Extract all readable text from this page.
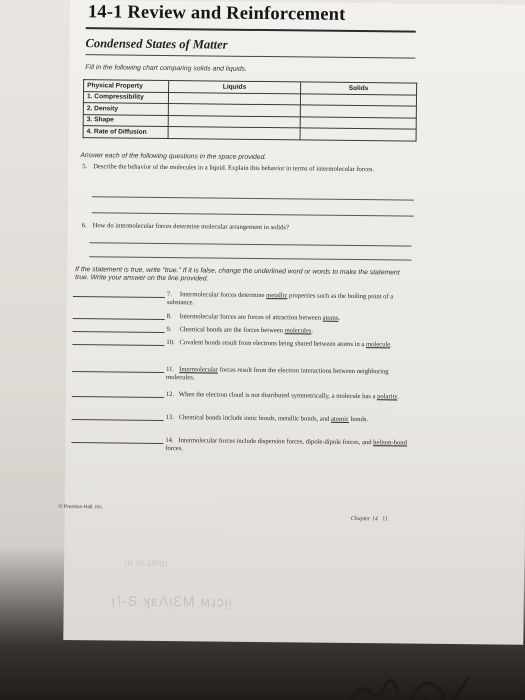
14-1 Review and Reinforcement
Condensed States of Matter
Fill in the following chart comparing solids and liquids.
Physical Property	Liquids	Solids
1. Compressibility		
2. Density		
3. Shape		
4. Rate of Diffusion		
Answer each of the following questions in the space provided.
5. Describe the behavior of the molecules in a liquid. Explain this behavior in terms of intermolecular forces.
6. How do intermolecular forces determine molecular arrangement in solids?
If the statement is true, write "true." If it is false, change the underlined word or words to make the statement true. Write your answer on the line provided.
7. Intermolecular forces determine metallic properties such as the boiling point of a substance.
8. Intermolecular forces are forces of attraction between atoms.
9. Chemical bonds are the forces between molecules.
10. Covalent bonds result from electrons being shared between atoms in a molecule.
11. Intermolecular forces result from the electron interactions between neighboring molecules.
12. When the electron cloud is not distributed symmetrically, a molecule has a polarity.
13. Chemical bonds include ionic bonds, metallic bonds, and atomic bonds.
14. Intermolecular forces include dispersion forces, dipole-dipole forces, and helium-bond forces.
© Prentice-Hall, Inc.
Chapter 14 11
ᴉ˥-S ʞᴇΛᴉƐM ᴍɹɔᴉᴉ
ɯ ʇo ɹɹɐɯ
